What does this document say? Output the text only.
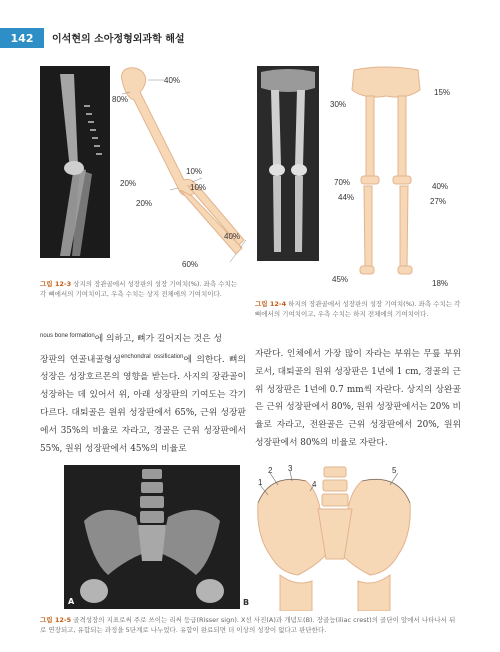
142	이석현의 소아정형외과학 해설
40%
80%
10%
20%	10%
20%
40%
60%
그림 12-3 상지의 장관골에서 성장판의 성장 기여치(%). 좌측 수치는 각 뼈에서의 기여치이고, 우측 수치는 상지 전체에의 기여치이다.
15%
30%
70%	40%
44%	27%
45%	18%
그림 12-4 하지의 장관골에서 성장판의 성장 기여치(%). 좌측 수치는 각 뼈에서의 기여치이고, 우측 수치는 하지 전체에의 기여치이다.

$^{nous bone formation}$에 의하고, 뼈가 길어지는 것은 성
장판의 연골내골형성$^{enchondral ossification}$에 의한다. 뼈의 성장은 성장호르몬의 영향을 받는다. 사지의 장관골이 성장하는 데 있어서 위, 아래 성장판의 기여도는 각기 다르다. 대퇴골은 원위 성장판에서 65%, 근위 성장판에서 35%의 비율로 자라고, 경골은 근위 성장판에서 55%, 원위 성장판에서 45%의 비율로

자란다. 인체에서 가장 많이 자라는 부위는 무릎 부위로서, 대퇴골의 원위 성장판은 1년에 1 cm, 경골의 근위 성장판은 1년에 0.7 mm씩 자란다. 상지의 상완골은 근위 성장판에서 80%, 원위 성장판에서는 20% 비율로 자라고, 전완골은 근위 성장판에서 20%, 원위 성장판에서 80%의 비율로 자란다.

A
1
2 3
4
5
B
그림 12-5 골격성장의 지표로써 주로 쓰이는 리써 등급(Risser sign). X선 사진(A)과 개념도(B). 장골능(iliac crest)의 골단이 앞에서 나타나서 뒤로 연장되고, 유합되는 과정을 5단계로 나누었다. 유합이 완료되면 더 이상의 성장이 없다고 판단한다.
